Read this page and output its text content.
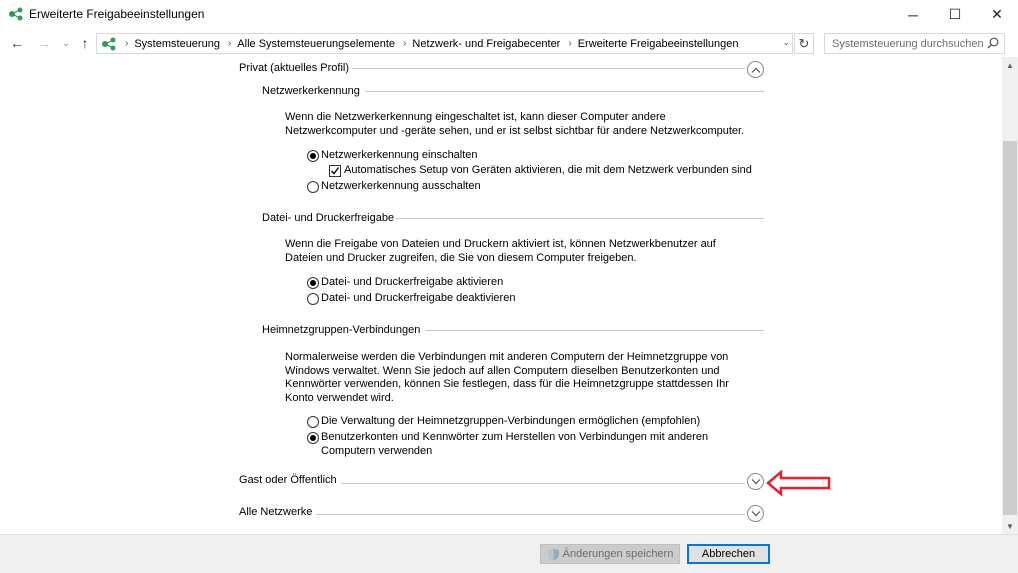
Erweiterte Freigabeeinstellungen	─	☐	✕
← →	⌄ ↑	› Systemsteuerung › Alle Systemsteuerungselemente › Netzwerk- und Freigabecenter › Erweiterte Freigabeeinstellungen	⌄ ↻	Systemsteuerung durchsuchen
Privat (aktuelles Profil)
Netzwerkerkennung
Wenn die Netzwerkerkennung eingeschaltet ist, kann dieser Computer andere Netzwerkcomputer und -geräte sehen, und er ist selbst sichtbar für andere Netzwerkcomputer.
Netzwerkerkennung einschalten
Automatisches Setup von Geräten aktivieren, die mit dem Netzwerk verbunden sind
Netzwerkerkennung ausschalten
Datei- und Druckerfreigabe
Wenn die Freigabe von Dateien und Druckern aktiviert ist, können Netzwerkbenutzer auf Dateien und Drucker zugreifen, die Sie von diesem Computer freigeben.
Datei- und Druckerfreigabe aktivieren
Datei- und Druckerfreigabe deaktivieren
Heimnetzgruppen-Verbindungen
Normalerweise werden die Verbindungen mit anderen Computern der Heimnetzgruppe von Windows verwaltet. Wenn Sie jedoch auf allen Computern dieselben Benutzerkonten und Kennwörter verwenden, können Sie festlegen, dass für die Heimnetzgruppe stattdessen Ihr Konto verwendet wird.
Die Verwaltung der Heimnetzgruppen-Verbindungen ermöglichen (empfohlen)
Benutzerkonten und Kennwörter zum Herstellen von Verbindungen mit anderen Computern verwenden
Gast oder Öffentlich
Alle Netzwerke
▲
▼
Änderungen speichern	Abbrechen
